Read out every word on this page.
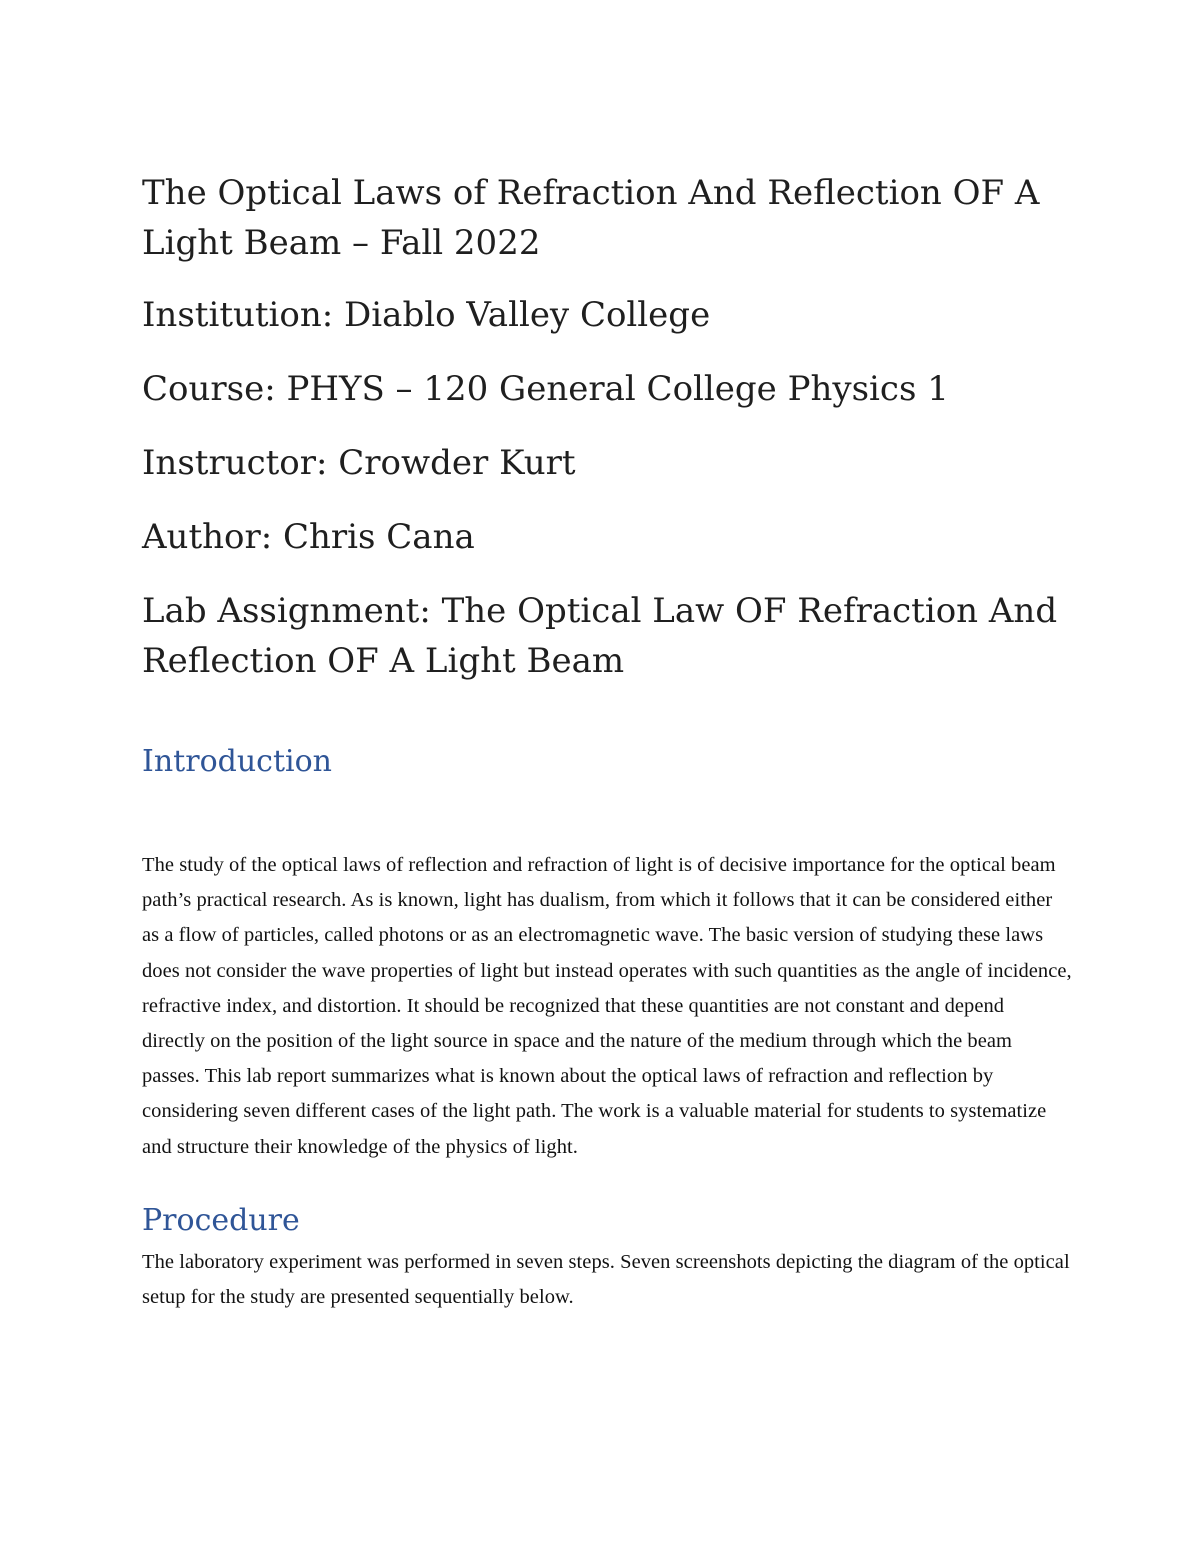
The Optical Laws of Refraction And Reflection OF A Light Beam – Fall 2022

Institution: Diablo Valley College

Course: PHYS – 120 General College Physics 1

Instructor: Crowder Kurt

Author: Chris Cana

Lab Assignment: The Optical Law OF Refraction And Reflection OF A Light Beam

Introduction

The study of the optical laws of reflection and refraction of light is of decisive importance for the optical beam path’s practical research. As is known, light has dualism, from which it follows that it can be considered either as a flow of particles, called photons or as an electromagnetic wave. The basic version of studying these laws does not consider the wave properties of light but instead operates with such quantities as the angle of incidence, refractive index, and distortion. It should be recognized that these quantities are not constant and depend directly on the position of the light source in space and the nature of the medium through which the beam passes. This lab report summarizes what is known about the optical laws of refraction and reflection by considering seven different cases of the light path. The work is a valuable material for students to systematize and structure their knowledge of the physics of light.

Procedure

The laboratory experiment was performed in seven steps. Seven screenshots depicting the diagram of the optical setup for the study are presented sequentially below.
